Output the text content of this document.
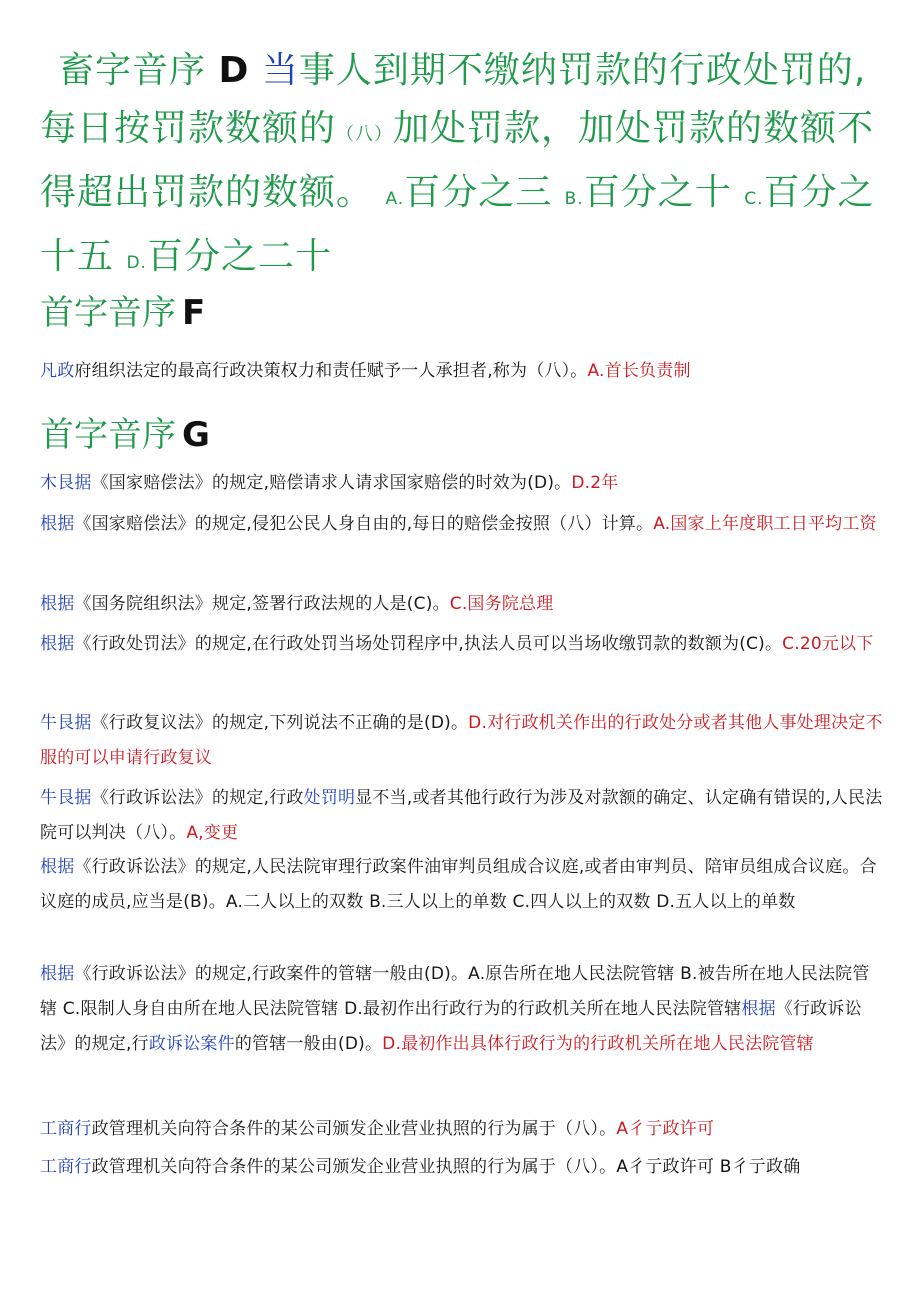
畜字音序 D 当事人到期不缴纳罚款的行政处罚的,每日按罚款数额的（八）加处罚款，加处罚款的数额不得超出罚款的数额。 A.百分之三 B.百分之十 C.百分之十五 D.百分之二十
首字音序 F
凡政府组织法定的最高行政决策权力和责任赋予一人承担者,称为（八）。A.首长负责制
首字音序 G
木艮据《国家赔偿法》的规定,赔偿请求人请求国家赔偿的时效为(D)。D.2年
根据《国家赔偿法》的规定,侵犯公民人身自由的,每日的赔偿金按照（八）计算。A.国家上年度职工日平均工资
根据《国务院组织法》规定,签署行政法规的人是(C)。C.国务院总理
根据《行政处罚法》的规定,在行政处罚当场处罚程序中,执法人员可以当场收缴罚款的数额为(C)。C.20元以下
牛艮据《行政复议法》的规定,下列说法不正确的是(D)。D.对行政机关作出的行政处分或者其他人事处理决定不服的可以申请行政复议
牛艮据《行政诉讼法》的规定,行政处罚明显不当,或者其他行政行为涉及对款额的确定、认定确有错误的,人民法院可以判决（八）。A,变更
根据《行政诉讼法》的规定,人民法院审理行政案件油审判员组成合议庭,或者由审判员、陪审员组成合议庭。合议庭的成员,应当是(B)。A.二人以上的双数 B.三人以上的单数 C.四人以上的双数 D.五人以上的单数
根据《行政诉讼法》的规定,行政案件的管辖一般由(D)。A.原告所在地人民法院管辖 B.被告所在地人民法院管辖 C.限制人身自由所在地人民法院管辖 D.最初作出行政行为的行政机关所在地人民法院管辖根据《行政诉讼法》的规定,行政诉讼案件的管辖一般由(D)。D.最初作出具体行政行为的行政机关所在地人民法院管辖
工商行政管理机关向符合条件的某公司颁发企业营业执照的行为属于（八）。A彳亍政许可
工商行政管理机关向符合条件的某公司颁发企业营业执照的行为属于（八）。A彳亍政许可 B彳亍政确
